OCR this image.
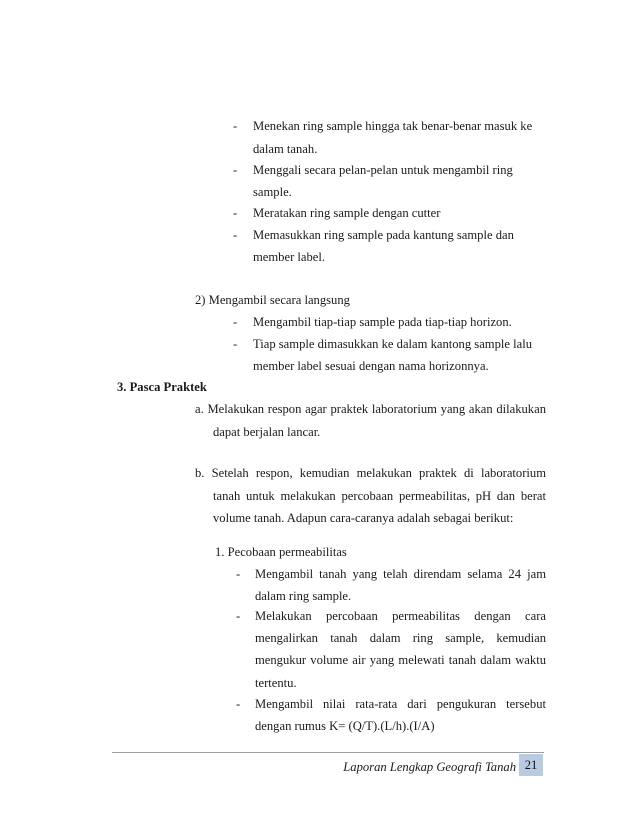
- Menekan ring sample hingga tak benar-benar masuk ke
dalam tanah.
- Menggali secara pelan-pelan untuk mengambil ring
sample.
- Meratakan ring sample dengan cutter
- Memasukkan ring sample pada kantung sample dan
member label.
2) Mengambil secara langsung
- Mengambil tiap-tiap sample pada tiap-tiap horizon.
- Tiap sample dimasukkan ke dalam kantong sample lalu
member label sesuai dengan nama horizonnya.
3. Pasca Praktek
a. Melakukan respon agar praktek laboratorium yang akan dilakukan
dapat berjalan lancar.
b. Setelah respon, kemudian melakukan praktek di laboratorium
tanah untuk melakukan percobaan permeabilitas, pH dan berat
volume tanah. Adapun cara-caranya adalah sebagai berikut:
1. Pecobaan permeabilitas
- Mengambil tanah yang telah direndam selama 24 jam
dalam ring sample.
- Melakukan percobaan permeabilitas dengan cara
mengalirkan tanah dalam ring sample, kemudian
mengukur volume air yang melewati tanah dalam waktu
tertentu.
- Mengambil nilai rata-rata dari pengukuran tersebut
dengan rumus K= (Q/T).(L/h).(I/A)
Laporan Lengkap Geografi Tanah 21
